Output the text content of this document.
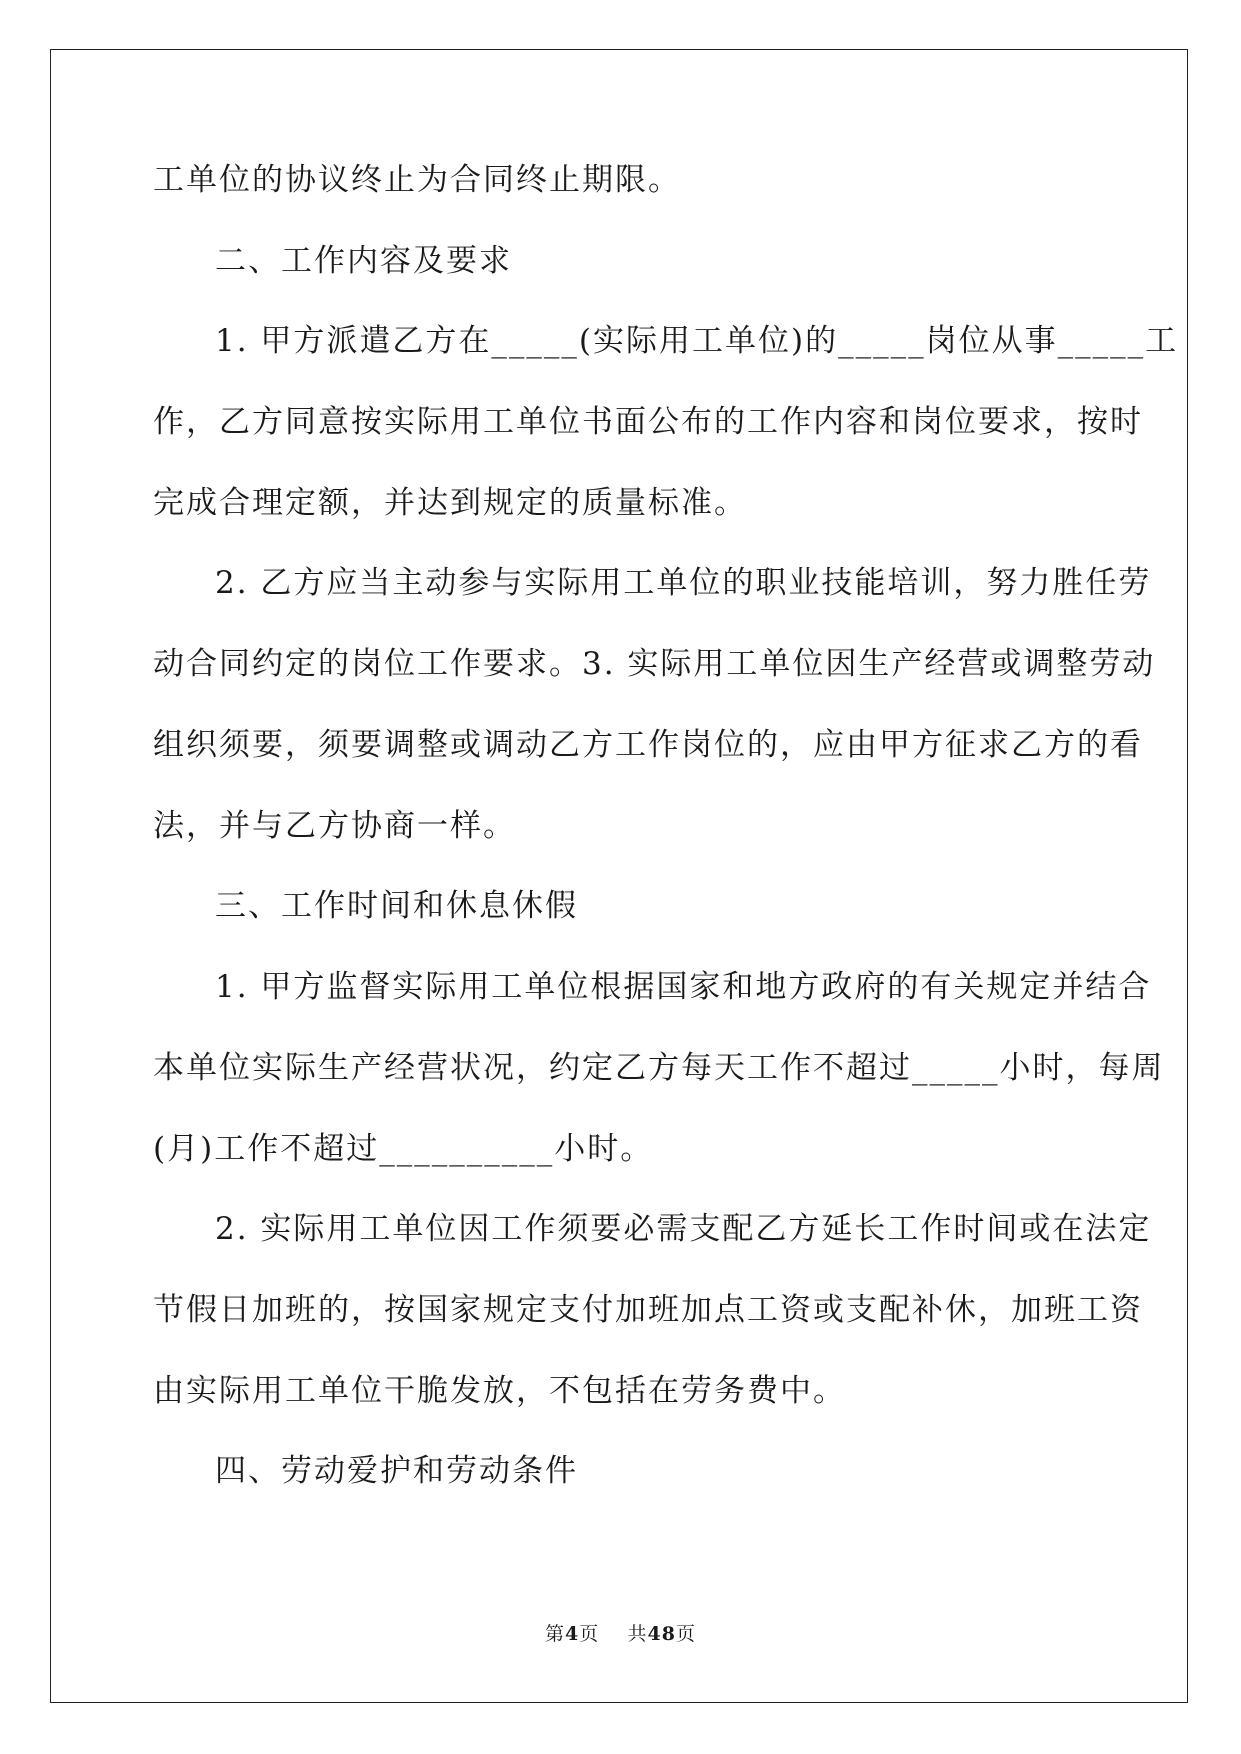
工单位的协议终止为合同终止期限。
二、工作内容及要求
1. 甲方派遣乙方在_____(实际用工单位)的_____岗位从事_____工
作，乙方同意按实际用工单位书面公布的工作内容和岗位要求，按时
完成合理定额，并达到规定的质量标准。
2. 乙方应当主动参与实际用工单位的职业技能培训，努力胜任劳
动合同约定的岗位工作要求。3. 实际用工单位因生产经营或调整劳动
组织须要，须要调整或调动乙方工作岗位的，应由甲方征求乙方的看
法，并与乙方协商一样。
三、工作时间和休息休假
1. 甲方监督实际用工单位根据国家和地方政府的有关规定并结合
本单位实际生产经营状况，约定乙方每天工作不超过_____小时，每周
(月)工作不超过__________小时。
2. 实际用工单位因工作须要必需支配乙方延长工作时间或在法定
节假日加班的，按国家规定支付加班加点工资或支配补休，加班工资
由实际用工单位干脆发放，不包括在劳务费中。
四、劳动爱护和劳动条件
第4页 共48页
